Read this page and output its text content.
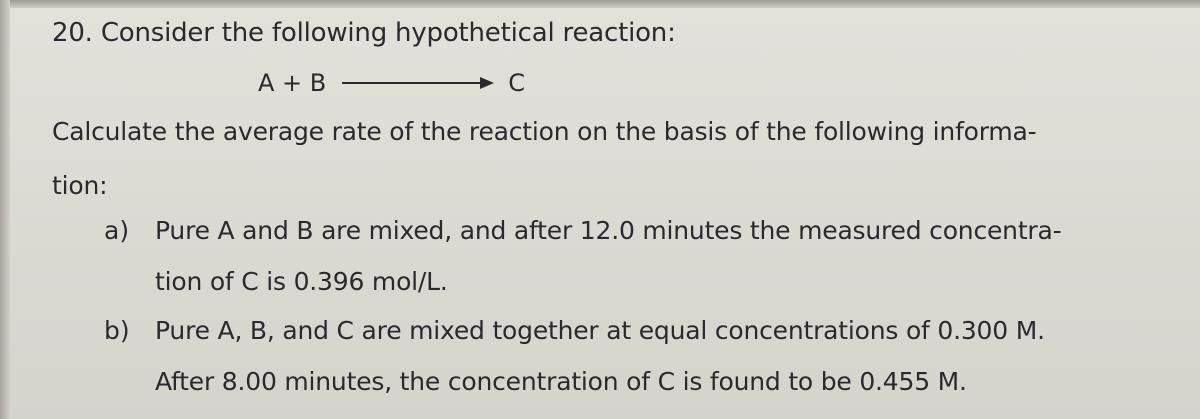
20. Consider the following hypothetical reaction:
A + B	C
Calculate the average rate of the reaction on the basis of the following informa-
tion:
a) Pure A and B are mixed, and after 12.0 minutes the measured concentra-
tion of C is 0.396 mol/L.
b) Pure A, B, and C are mixed together at equal concentrations of 0.300 M.
After 8.00 minutes, the concentration of C is found to be 0.455 M.
